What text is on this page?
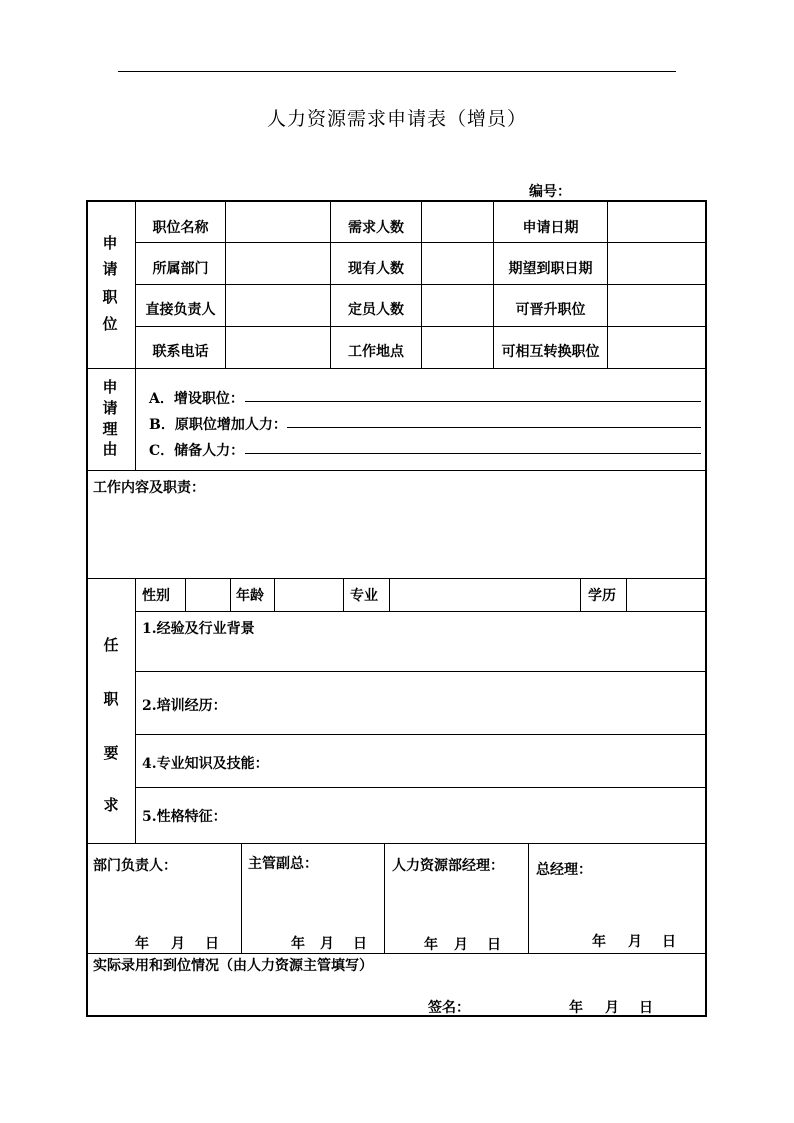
人力资源需求申请表（增员）
编号：
申
请
职
位
职位名称	需求人数	申请日期
所属部门	现有人数	期望到职日期
直接负责人	定员人数	可晋升职位
联系电话	工作地点	可相互转换职位
申
请
理
由
A．增设职位：
B．原职位增加人力：
C．储备人力：
工作内容及职责：
任
职
要
求
性别	年龄	专业	学历
1.经验及行业背景
2.培训经历：
4.专业知识及技能：
5.性格特征：
部门负责人：	主管副总：	人力资源部经理： 总经理：
年 月 日	年 月 日	年 月 日	年 月 日
实际录用和到位情况（由人力资源主管填写）
签名：	年 月 日
